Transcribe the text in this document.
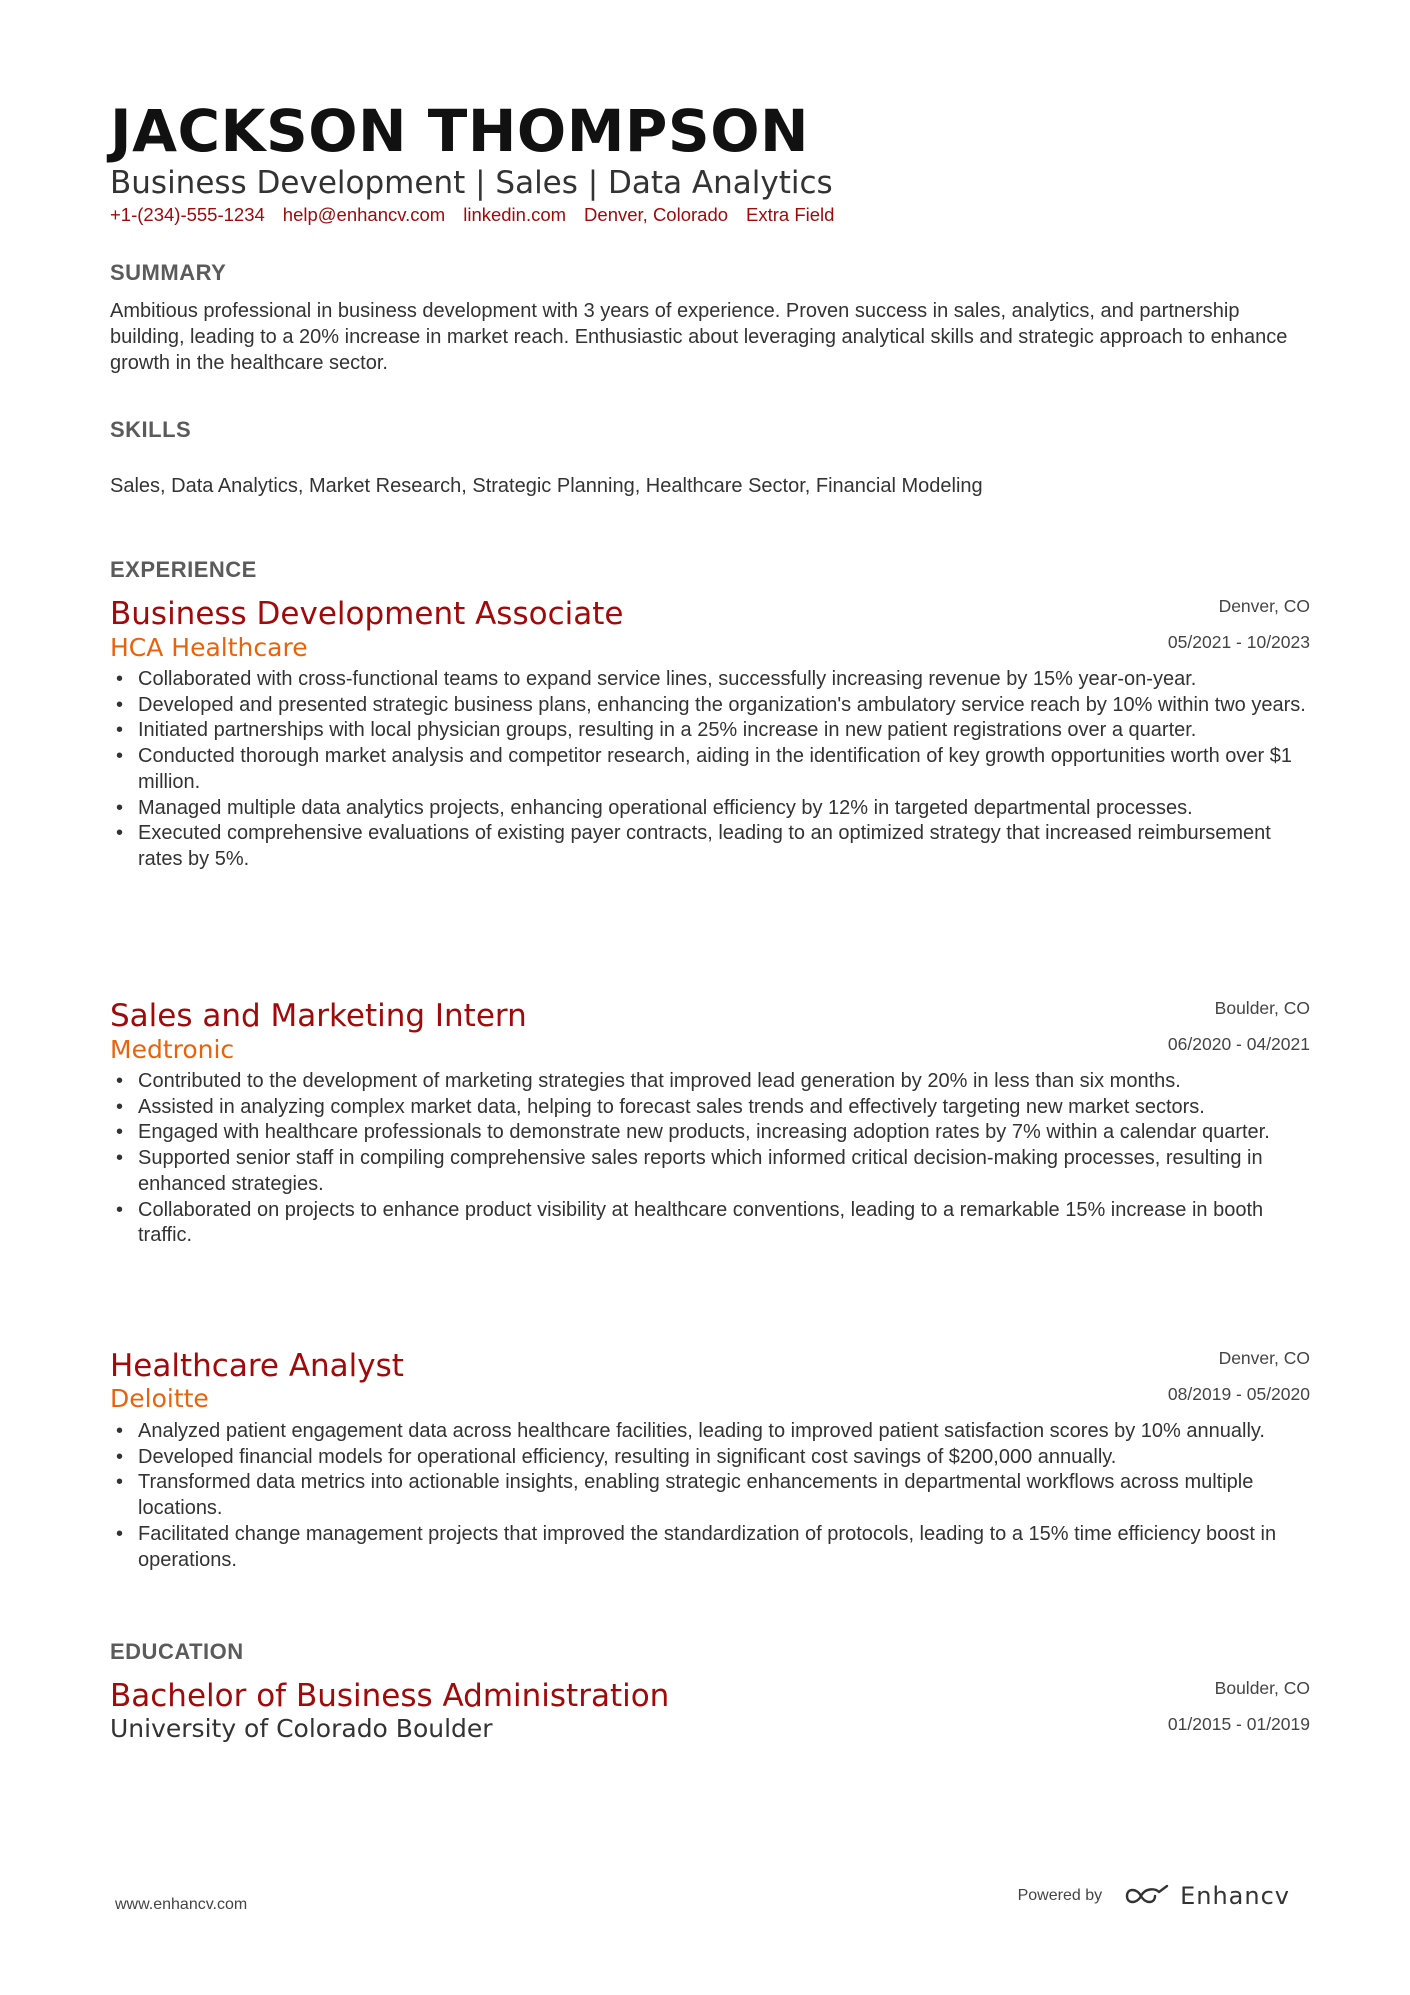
JACKSON THOMPSON
Business Development | Sales | Data Analytics
+1-(234)-555-1234 help@enhancv.com linkedin.com Denver, Colorado Extra Field
SUMMARY
Ambitious professional in business development with 3 years of experience. Proven success in sales, analytics, and partnership building, leading to a 20% increase in market reach. Enthusiastic about leveraging analytical skills and strategic approach to enhance growth in the healthcare sector.
SKILLS
Sales, Data Analytics, Market Research, Strategic Planning, Healthcare Sector, Financial Modeling
EXPERIENCE
Business Development Associate	Denver, CO
HCA Healthcare	05/2021 - 10/2023
• Collaborated with cross-functional teams to expand service lines, successfully increasing revenue by 15% year-on-year.
• Developed and presented strategic business plans, enhancing the organization's ambulatory service reach by 10% within two years.
• Initiated partnerships with local physician groups, resulting in a 25% increase in new patient registrations over a quarter.
• Conducted thorough market analysis and competitor research, aiding in the identification of key growth opportunities worth over $1 million.
• Managed multiple data analytics projects, enhancing operational efficiency by 12% in targeted departmental processes.
• Executed comprehensive evaluations of existing payer contracts, leading to an optimized strategy that increased reimbursement rates by 5%.
Sales and Marketing Intern	Boulder, CO
Medtronic	06/2020 - 04/2021
• Contributed to the development of marketing strategies that improved lead generation by 20% in less than six months.
• Assisted in analyzing complex market data, helping to forecast sales trends and effectively targeting new market sectors.
• Engaged with healthcare professionals to demonstrate new products, increasing adoption rates by 7% within a calendar quarter.
• Supported senior staff in compiling comprehensive sales reports which informed critical decision-making processes, resulting in enhanced strategies.
• Collaborated on projects to enhance product visibility at healthcare conventions, leading to a remarkable 15% increase in booth traffic.
Healthcare Analyst	Denver, CO
Deloitte	08/2019 - 05/2020
• Analyzed patient engagement data across healthcare facilities, leading to improved patient satisfaction scores by 10% annually.
• Developed financial models for operational efficiency, resulting in significant cost savings of $200,000 annually.
• Transformed data metrics into actionable insights, enabling strategic enhancements in departmental workflows across multiple locations.
• Facilitated change management projects that improved the standardization of protocols, leading to a 15% time efficiency boost in operations.
EDUCATION
Bachelor of Business Administration	Boulder, CO
University of Colorado Boulder	01/2015 - 01/2019
www.enhancv.com
Powered by	Enhancv
